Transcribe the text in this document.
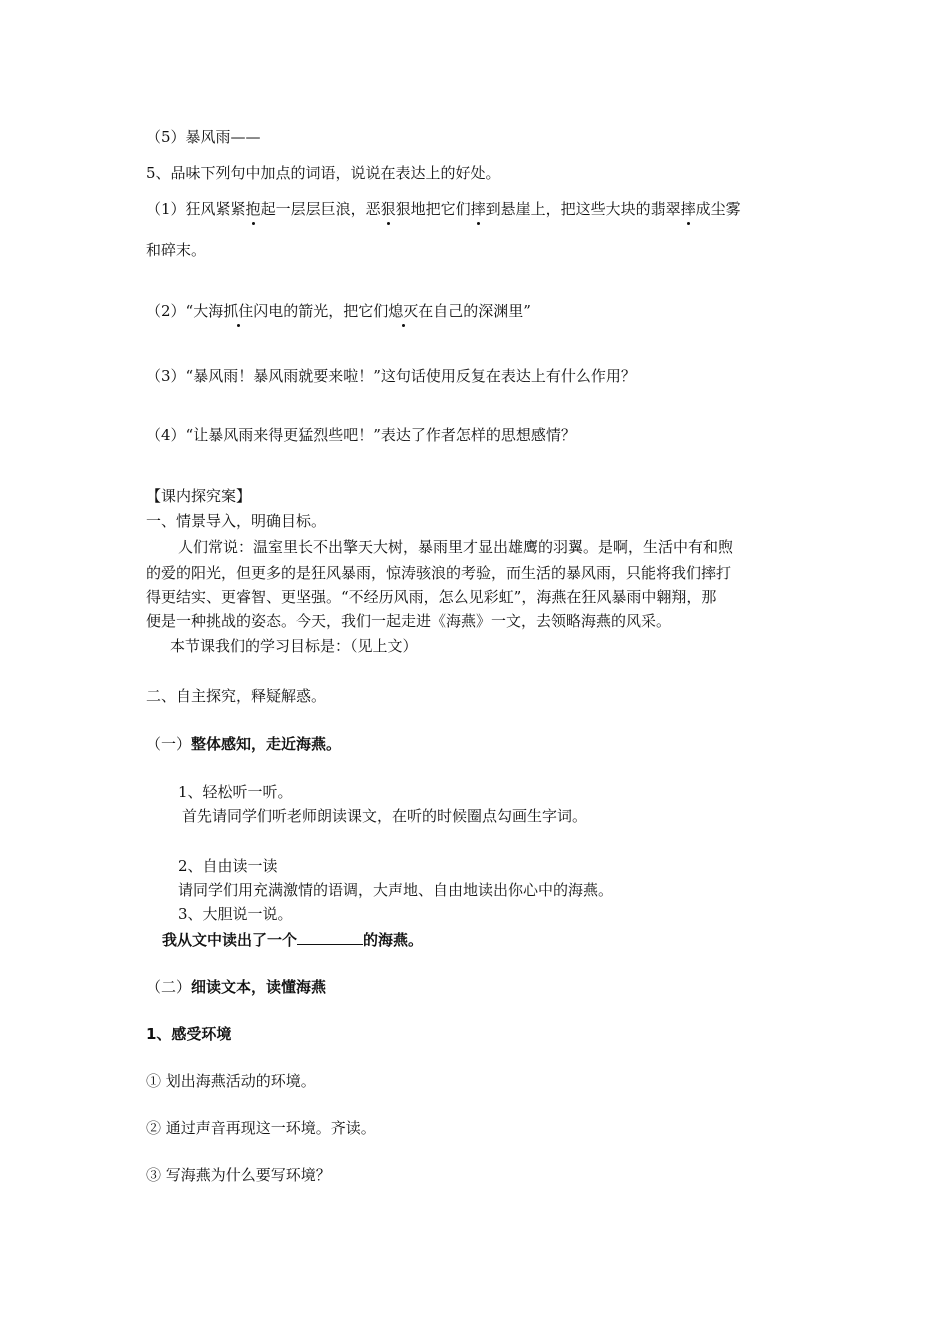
（5）暴风雨——
5、品味下列句中加点的词语，说说在表达上的好处。
（1）狂风紧紧抱起一层层巨浪，恶狠狠地把它们摔到悬崖上，把这些大块的翡翠摔成尘雾
和碎末。
（2）“大海抓住闪电的箭光，把它们熄灭在自己的深渊里”
（3）“暴风雨！暴风雨就要来啦！”这句话使用反复在表达上有什么作用？
（4）“让暴风雨来得更猛烈些吧！”表达了作者怎样的思想感情？
【课内探究案】
一、情景导入，明确目标。
人们常说：温室里长不出擎天大树，暴雨里才显出雄鹰的羽翼。是啊，生活中有和煦
的爱的阳光，但更多的是狂风暴雨，惊涛骇浪的考验，而生活的暴风雨，只能将我们摔打
得更结实、更睿智、更坚强。“不经历风雨，怎么见彩虹”，海燕在狂风暴雨中翱翔，那
便是一种挑战的姿态。今天，我们一起走进《海燕》一文，去领略海燕的风采。
本节课我们的学习目标是：（见上文）
二、自主探究，释疑解惑。
（一）整体感知，走近海燕。
1、轻松听一听。
首先请同学们听老师朗读课文，在听的时候圈点勾画生字词。
2、自由读一读
请同学们用充满激情的语调，大声地、自由地读出你心中的海燕。
3、大胆说一说。
我从文中读出了一个	的海燕。
（二）细读文本，读懂海燕
1、感受环境
① 划出海燕活动的环境。
② 通过声音再现这一环境。齐读。
③ 写海燕为什么要写环境？
